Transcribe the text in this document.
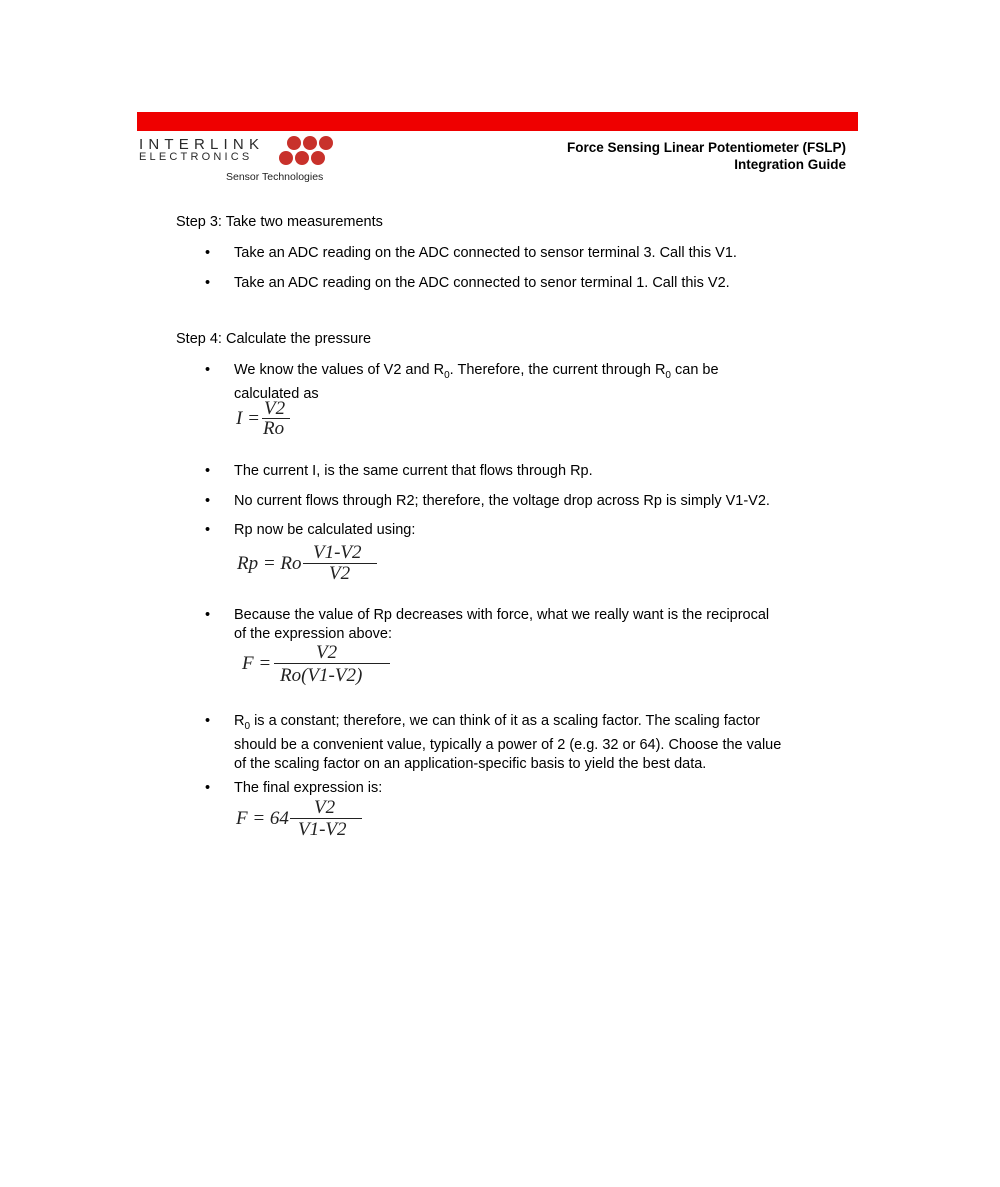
INTERLINK
ELECTRONICS
Sensor Technologies
Force Sensing Linear Potentiometer (FSLP)
Integration Guide
Step 3: Take two measurements
•	Take an ADC reading on the ADC connected to sensor terminal 3. Call this V1.
•	Take an ADC reading on the ADC connected to senor terminal 1. Call this V2.
Step 4: Calculate the pressure
•	We know the values of V2 and $R_0$. Therefore, the current through $R_0$ can be
calculated as
I = V2
Ro
•	The current I, is the same current that flows through Rp.
•	No current flows through R2; therefore, the voltage drop across Rp is simply V1-V2.
•	Rp now be calculated using:
Rp = Ro
V1-V2
V2
•	Because the value of Rp decreases with force, what we really want is the reciprocal
of the expression above:
F =
V2
Ro(V1-V2)
•	$R_0$ is a constant; therefore, we can think of it as a scaling factor. The scaling factor
should be a convenient value, typically a power of 2 (e.g. 32 or 64). Choose the value
of the scaling factor on an application-specific basis to yield the best data.
•	The final expression is:
F = 64
V2
V1-V2
